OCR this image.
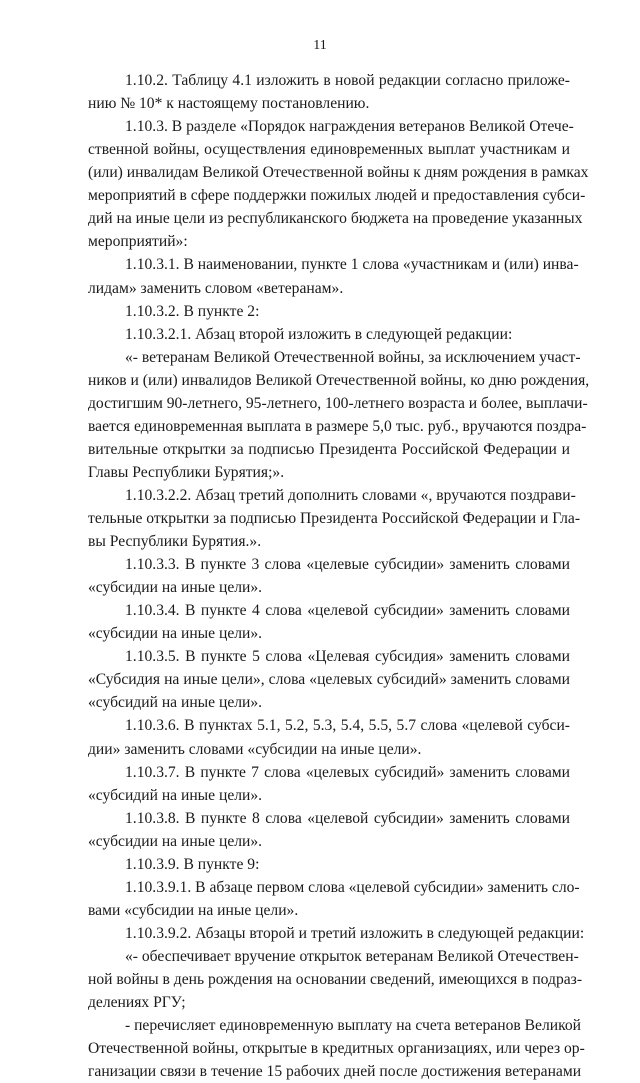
11
1.10.2. Таблицу 4.1 изложить в новой редакции согласно приложе-
нию № 10* к настоящему постановлению.
1.10.3. В разделе «Порядок награждения ветеранов Великой Отече-
ственной войны, осуществления единовременных выплат участникам и
(или) инвалидам Великой Отечественной войны к дням рождения в рамках
мероприятий в сфере поддержки пожилых людей и предоставления субси-
дий на иные цели из республиканского бюджета на проведение указанных
мероприятий»:
1.10.3.1. В наименовании, пункте 1 слова «участникам и (или) инва-
лидам» заменить словом «ветеранам».
1.10.3.2. В пункте 2:
1.10.3.2.1. Абзац второй изложить в следующей редакции:
«- ветеранам Великой Отечественной войны, за исключением участ-
ников и (или) инвалидов Великой Отечественной войны, ко дню рождения,
достигшим 90-летнего, 95-летнего, 100-летнего возраста и более, выплачи-
вается единовременная выплата в размере 5,0 тыс. руб., вручаются поздра-
вительные открытки за подписью Президента Российской Федерации и
Главы Республики Бурятия;».
1.10.3.2.2. Абзац третий дополнить словами «, вручаются поздрави-
тельные открытки за подписью Президента Российской Федерации и Гла-
вы Республики Бурятия.».
1.10.3.3. В пункте 3 слова «целевые субсидии» заменить словами
«субсидии на иные цели».
1.10.3.4. В пункте 4 слова «целевой субсидии» заменить словами
«субсидии на иные цели».
1.10.3.5. В пункте 5 слова «Целевая субсидия» заменить словами
«Субсидия на иные цели», слова «целевых субсидий» заменить словами
«субсидий на иные цели».
1.10.3.6. В пунктах 5.1, 5.2, 5.3, 5.4, 5.5, 5.7 слова «целевой субси-
дии» заменить словами «субсидии на иные цели».
1.10.3.7. В пункте 7 слова «целевых субсидий» заменить словами
«субсидий на иные цели».
1.10.3.8. В пункте 8 слова «целевой субсидии» заменить словами
«субсидии на иные цели».
1.10.3.9. В пункте 9:
1.10.3.9.1. В абзаце первом слова «целевой субсидии» заменить сло-
вами «субсидии на иные цели».
1.10.3.9.2. Абзацы второй и третий изложить в следующей редакции:
«- обеспечивает вручение открыток ветеранам Великой Отечествен-
ной войны в день рождения на основании сведений, имеющихся в подраз-
делениях РГУ;
- перечисляет единовременную выплату на счета ветеранов Великой
Отечественной войны, открытые в кредитных организациях, или через ор-
ганизации связи в течение 15 рабочих дней после достижения ветеранами
